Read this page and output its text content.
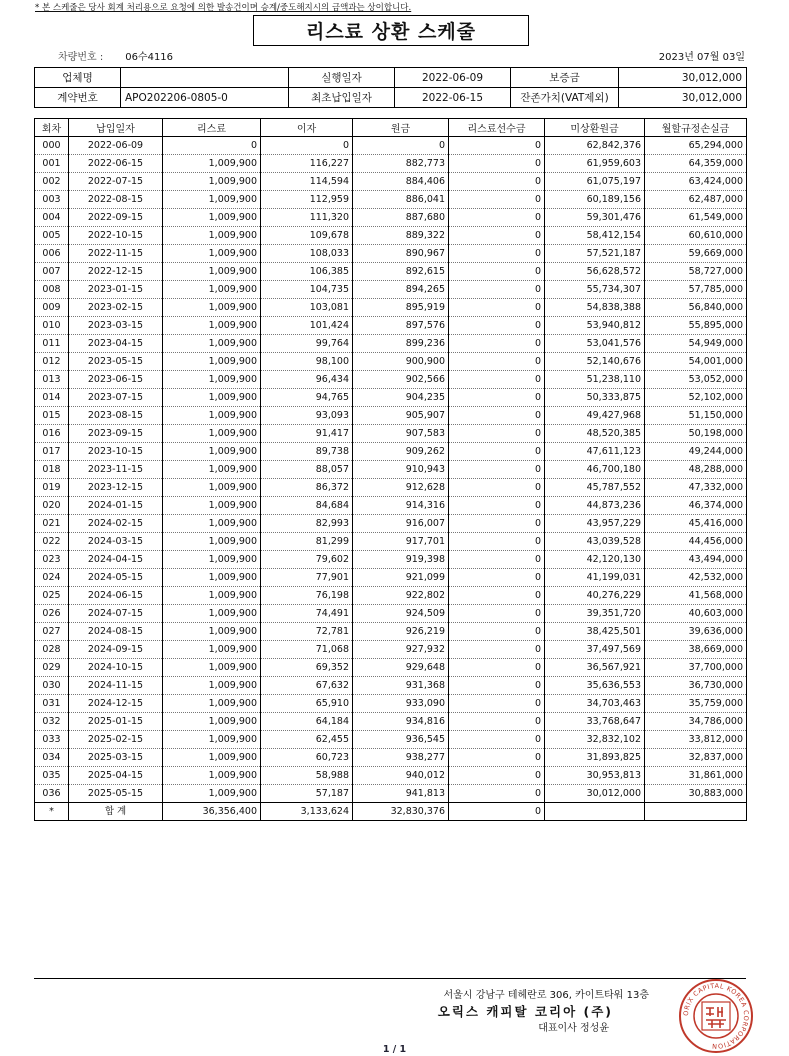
* 본 스케줄은 당사 회계 처리용으로 요청에 의한 발송건이며 승계/중도해지시의 금액과는 상이합니다.
리스료 상환 스케줄
차량번호 : 06수4116	2023년 07월 03일
업체명		실행일자	2022-06-09	보증금	30,012,000
계약번호	APO202206-0805-0	최초납입일자	2022-06-15	잔존가치(VAT제외)	30,012,000
회차	납입일자	리스료	이자	원금	리스료선수금	미상환원금	월할규정손실금
000	2022-06-09	0	0	0	0	62,842,376	65,294,000
001	2022-06-15	1,009,900	116,227	882,773	0	61,959,603	64,359,000
002	2022-07-15	1,009,900	114,594	884,406	0	61,075,197	63,424,000
003	2022-08-15	1,009,900	112,959	886,041	0	60,189,156	62,487,000
004	2022-09-15	1,009,900	111,320	887,680	0	59,301,476	61,549,000
005	2022-10-15	1,009,900	109,678	889,322	0	58,412,154	60,610,000
006	2022-11-15	1,009,900	108,033	890,967	0	57,521,187	59,669,000
007	2022-12-15	1,009,900	106,385	892,615	0	56,628,572	58,727,000
008	2023-01-15	1,009,900	104,735	894,265	0	55,734,307	57,785,000
009	2023-02-15	1,009,900	103,081	895,919	0	54,838,388	56,840,000
010	2023-03-15	1,009,900	101,424	897,576	0	53,940,812	55,895,000
011	2023-04-15	1,009,900	99,764	899,236	0	53,041,576	54,949,000
012	2023-05-15	1,009,900	98,100	900,900	0	52,140,676	54,001,000
013	2023-06-15	1,009,900	96,434	902,566	0	51,238,110	53,052,000
014	2023-07-15	1,009,900	94,765	904,235	0	50,333,875	52,102,000
015	2023-08-15	1,009,900	93,093	905,907	0	49,427,968	51,150,000
016	2023-09-15	1,009,900	91,417	907,583	0	48,520,385	50,198,000
017	2023-10-15	1,009,900	89,738	909,262	0	47,611,123	49,244,000
018	2023-11-15	1,009,900	88,057	910,943	0	46,700,180	48,288,000
019	2023-12-15	1,009,900	86,372	912,628	0	45,787,552	47,332,000
020	2024-01-15	1,009,900	84,684	914,316	0	44,873,236	46,374,000
021	2024-02-15	1,009,900	82,993	916,007	0	43,957,229	45,416,000
022	2024-03-15	1,009,900	81,299	917,701	0	43,039,528	44,456,000
023	2024-04-15	1,009,900	79,602	919,398	0	42,120,130	43,494,000
024	2024-05-15	1,009,900	77,901	921,099	0	41,199,031	42,532,000
025	2024-06-15	1,009,900	76,198	922,802	0	40,276,229	41,568,000
026	2024-07-15	1,009,900	74,491	924,509	0	39,351,720	40,603,000
027	2024-08-15	1,009,900	72,781	926,219	0	38,425,501	39,636,000
028	2024-09-15	1,009,900	71,068	927,932	0	37,497,569	38,669,000
029	2024-10-15	1,009,900	69,352	929,648	0	36,567,921	37,700,000
030	2024-11-15	1,009,900	67,632	931,368	0	35,636,553	36,730,000
031	2024-12-15	1,009,900	65,910	933,090	0	34,703,463	35,759,000
032	2025-01-15	1,009,900	64,184	934,816	0	33,768,647	34,786,000
033	2025-02-15	1,009,900	62,455	936,545	0	32,832,102	33,812,000
034	2025-03-15	1,009,900	60,723	938,277	0	31,893,825	32,837,000
035	2025-04-15	1,009,900	58,988	940,012	0	30,953,813	31,861,000
036	2025-05-15	1,009,900	57,187	941,813	0	30,012,000	30,883,000
*	합 계	36,356,400	3,133,624	32,830,376	0		
서울시 강남구 테헤란로 306, 카이트타워 13층
오릭스 캐피탈 코리아 (주)
대표이사 정성윤
ORIX CAPITAL KOREA CORPORATION
1 / 1
